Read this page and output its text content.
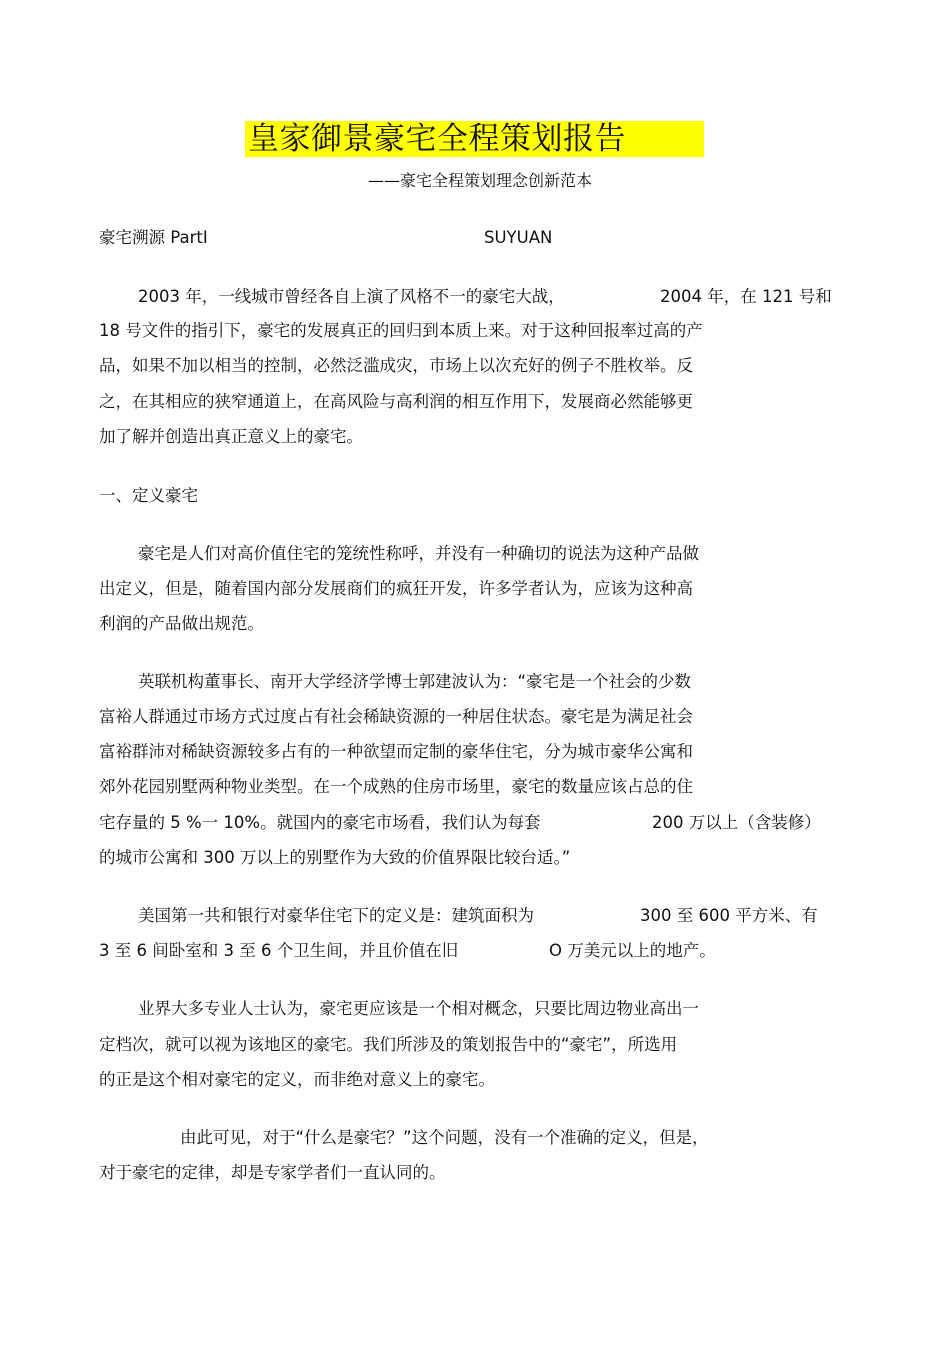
皇家御景豪宅全程策划报告
——豪宅全程策划理念创新范本
豪宅溯源 PartI	SUYUAN
2003 年，一线城市曾经各自上演了风格不一的豪宅大战，	2004 年，在 121 号和
18 号文件的指引下，豪宅的发展真正的回归到本质上来。对于这种回报率过高的产
品，如果不加以相当的控制，必然泛滥成灾，市场上以次充好的例子不胜枚举。反
之，在其相应的狭窄通道上，在高风险与高利润的相互作用下，发展商必然能够更
加了解并创造出真正意义上的豪宅。
一、定义豪宅
豪宅是人们对高价值住宅的笼统性称呼，并没有一种确切的说法为这种产品做
出定义，但是，随着国内部分发展商们的疯狂开发，许多学者认为，应该为这种高
利润的产品做出规范。
英联机构董事长、南开大学经济学博士郭建波认为：“豪宅是一个社会的少数
富裕人群通过市场方式过度占有社会稀缺资源的一种居住状态。豪宅是为满足社会
富裕群沛对稀缺资源较多占有的一种欲望而定制的豪华住宅，分为城市豪华公寓和
郊外花园别墅两种物业类型。在一个成熟的住房市场里，豪宅的数量应该占总的住
宅存量的 5 %一 10%。就国内的豪宅市场看，我们认为每套	200 万以上（含装修）
的城市公寓和 300 万以上的别墅作为大致的价值界限比较台适。”
美国第一共和银行对豪华住宅下的定义是：建筑面积为	300 至 600 平方米、有
3 至 6 间卧室和 3 至 6 个卫生间，并且价值在旧	O 万美元以上的地产。
业界大多专业人士认为，豪宅更应该是一个相对概念，只要比周边物业高出一
定档次，就可以视为该地区的豪宅。我们所涉及的策划报告中的“豪宅”，所选用
的正是这个相对豪宅的定义，而非绝对意义上的豪宅。
由此可见，对于“什么是豪宅？”这个问题，没有一个准确的定义，但是，
对于豪宅的定律，却是专家学者们一直认同的。
